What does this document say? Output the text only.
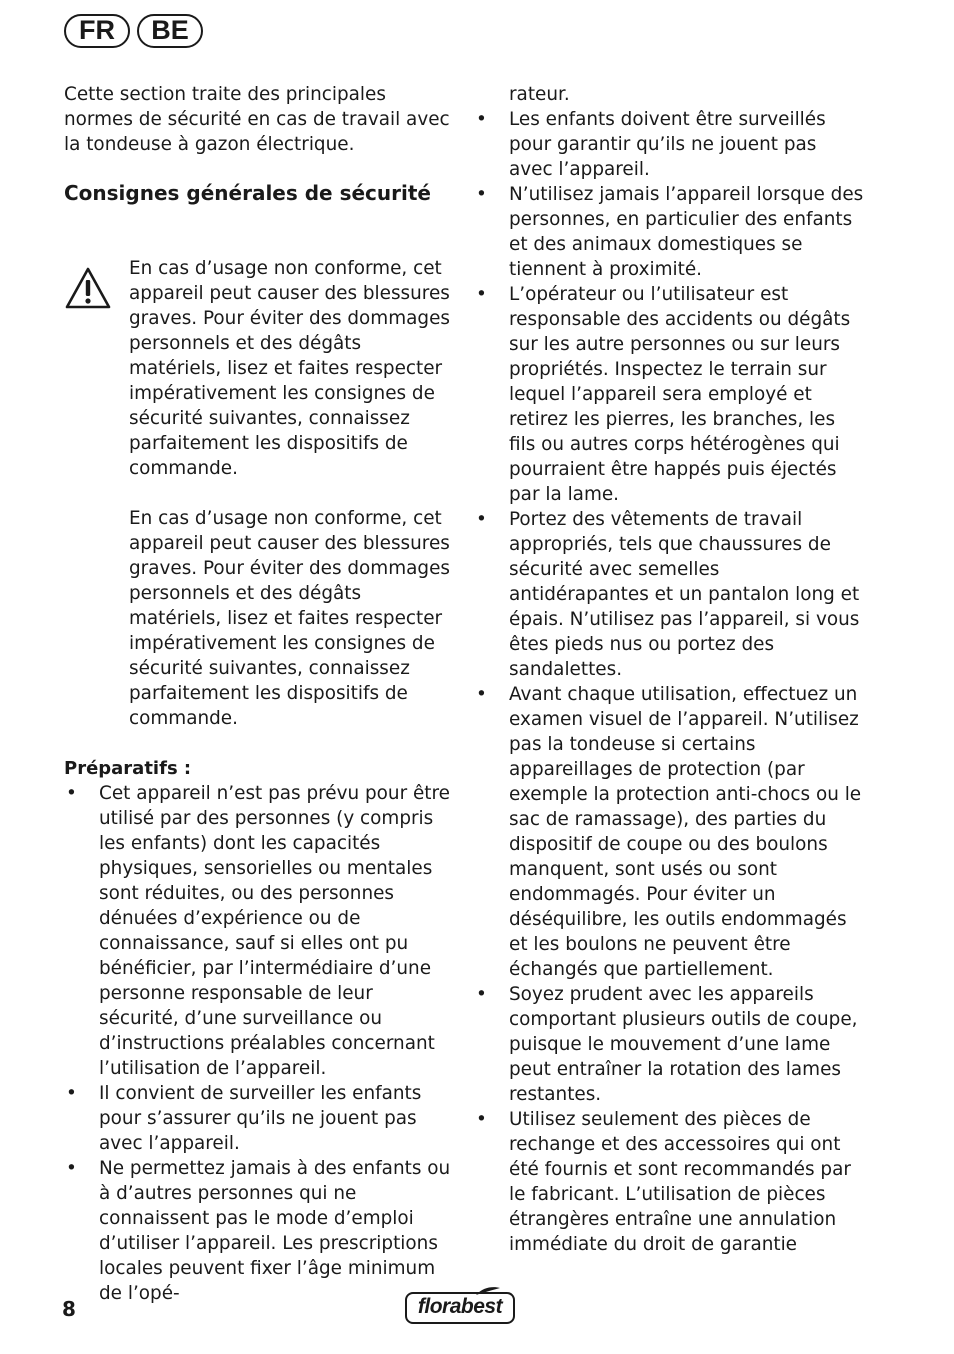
FR	BE

Cette section traite des principales normes de sécurité en cas de travail avec la tondeuse à gazon électrique.

Consignes générales de sécurité

En cas d’usage non conforme, cet appareil peut causer des blessures graves. Pour éviter des dommages personnels et des dégâts matériels, lisez et faites respecter impérativement les consignes de sécurité suivantes, connaissez parfaitement les dispositifs de commande.

En cas d’usage non conforme, cet appareil peut causer des blessures graves. Pour éviter des dommages personnels et des dégâts matériels, lisez et faites respecter impérativement les consignes de sécurité suivantes, connaissez parfaitement les dispositifs de commande.

Préparatifs :

• Cet appareil n’est pas prévu pour être utilisé par des personnes (y compris les enfants) dont les capacités physiques, sensorielles ou mentales sont réduites, ou des personnes dénuées d’expérience ou de connaissance, sauf si elles ont pu bénéficier, par l’intermédiaire d’une personne responsable de leur sécurité, d’une surveillance ou d’instructions préalables concernant l’utilisation de l’appareil.
• Il convient de surveiller les enfants pour s’assurer qu’ils ne jouent pas avec l’appareil.
• Ne permettez jamais à des enfants ou à d’autres personnes qui ne connaissent pas le mode d’emploi d’utiliser l’appareil. Les prescriptions locales peuvent fixer l’âge minimum de l’opé-

rateur.

• Les enfants doivent être surveillés pour garantir qu’ils ne jouent pas avec l’appareil.
• N’utilisez jamais l’appareil lorsque des personnes, en particulier des enfants et des animaux domestiques se tiennent à proximité.
• L’opérateur ou l’utilisateur est responsable des accidents ou dégâts sur les autre personnes ou sur leurs propriétés. Inspectez le terrain sur lequel l’appareil sera employé et retirez les pierres, les branches, les fils ou autres corps hétérogènes qui pourraient être happés puis éjectés par la lame.
• Portez des vêtements de travail appropriés, tels que chaussures de sécurité avec semelles antidérapantes et un pantalon long et épais. N’utilisez pas l’appareil, si vous êtes pieds nus ou portez des sandalettes.
• Avant chaque utilisation, effectuez un examen visuel de l’appareil. N’utilisez pas la tondeuse si certains appareillages de protection (par exemple la protection anti-chocs ou le sac de ramassage), des parties du dispositif de coupe ou des boulons manquent, sont usés ou sont endommagés. Pour éviter un déséquilibre, les outils endommagés et les boulons ne peuvent être échangés que partiellement.
• Soyez prudent avec les appareils comportant plusieurs outils de coupe, puisque le mouvement d’une lame peut entraîner la rotation des lames restantes.
• Utilisez seulement des pièces de rechange et des accessoires qui ont été fournis et sont recommandés par le fabricant. L’utilisation de pièces étrangères entraîne une annulation immédiate du droit de garantie
8	florabest
